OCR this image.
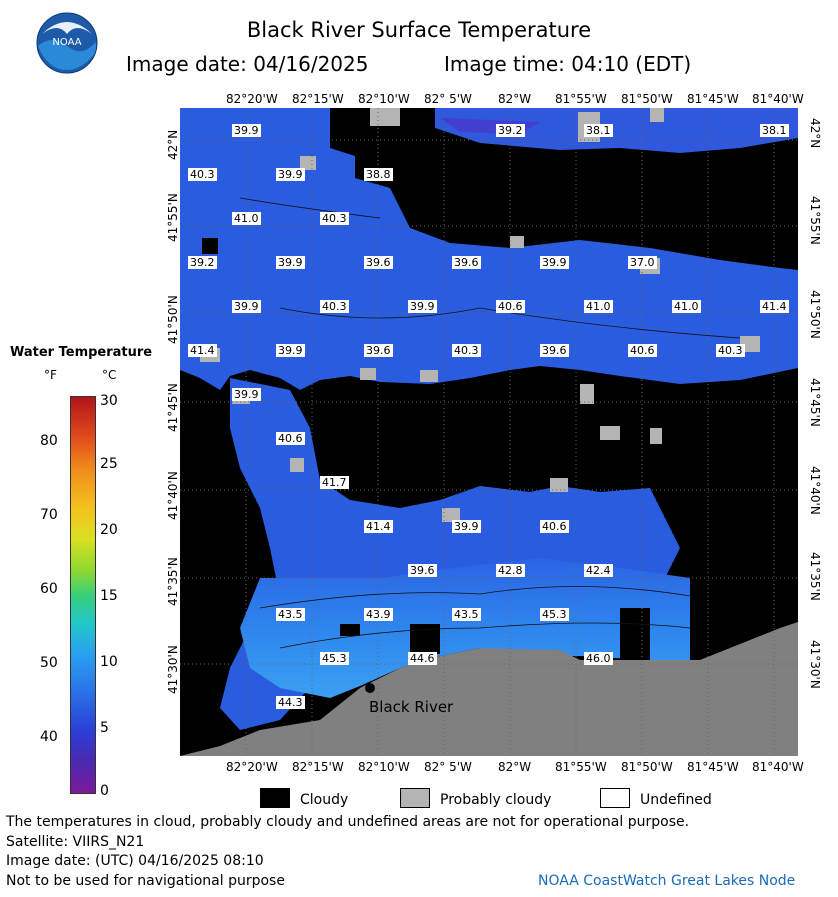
NOAA
Black River Surface Temperature
Image date: 04/16/2025	Image time: 04:10 (EDT)
82°20'W 82°15'W 82°10'W 82° 5'W 82°W 81°55'W 81°50'W 81°45'W 81°40'W
82°20'W 82°15'W 82°10'W 82° 5'W 82°W 81°55'W 81°50'W 81°45'W 81°40'W
42°N
41°55'N
41°50'N
41°45'N
41°40'N
41°35'N
41°30'N
42°N
41°55'N
41°50'N
41°45'N
41°40'N
41°35'N
41°30'N
39.9	39.2	38.1	38.1
40.3	39.9	38.8
41.0	40.3
39.2	39.9	39.6	39.6	39.9	37.0
39.9	40.3	39.9	40.6	41.0	41.0	41.4
41.4	39.9	39.6	40.3	39.6	40.6	40.3
39.9
40.6
41.7
41.4	39.9	40.6
39.6	42.8	42.4
43.5	43.9	43.5	45.3
45.3	44.6	46.0
44.3	Black River
Water Temperature
°F	°C
80
70
60
50
40
30
25
20
15
10
5
0
Cloudy	Probably cloudy	Undefined
The temperatures in cloud, probably cloudy and undefined areas are not for operational purpose.
Satellite: VIIRS_N21
Image date: (UTC) 04/16/2025 08:10
Not to be used for navigational purpose	NOAA CoastWatch Great Lakes Node
